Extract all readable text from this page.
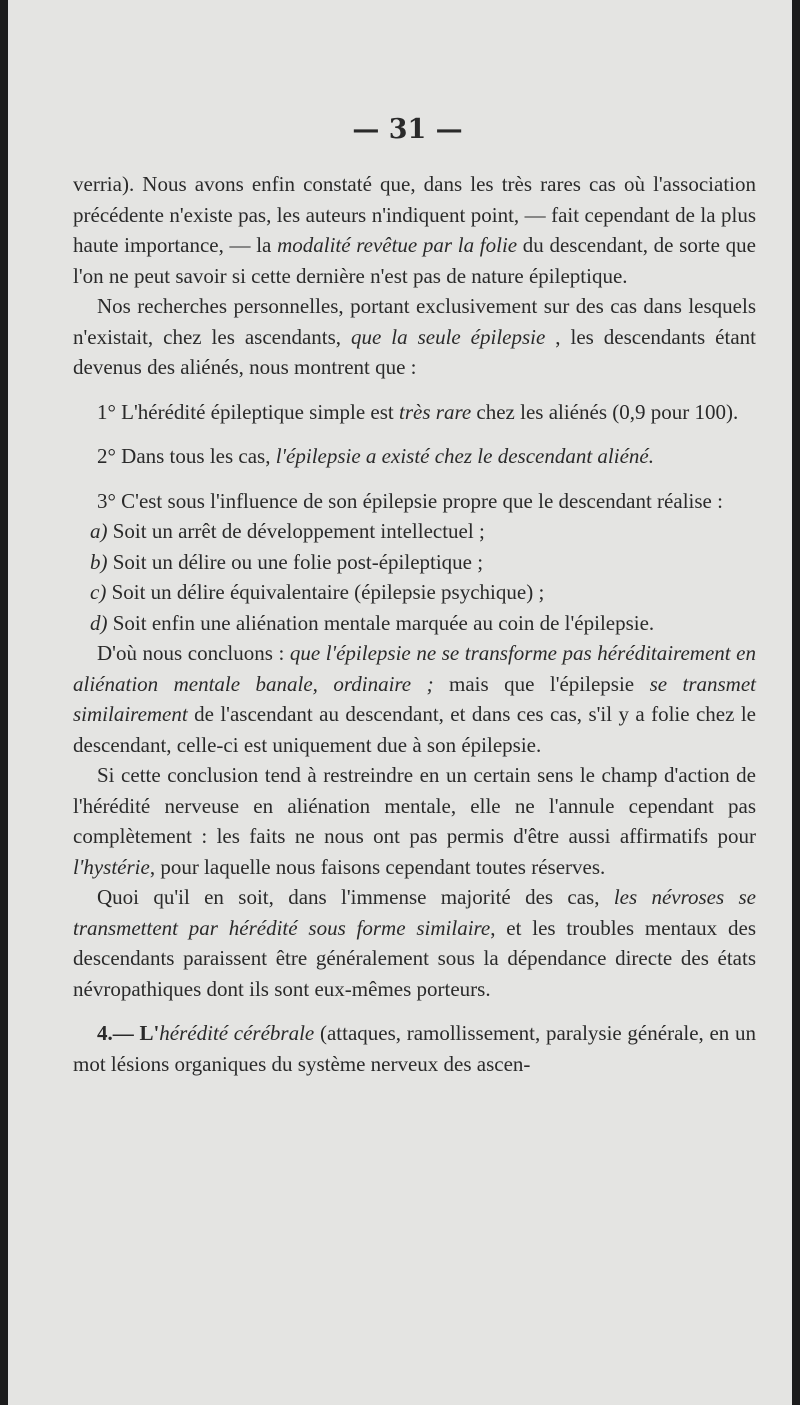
— 31 —

verria). Nous avons enfin constaté que, dans les très rares cas où l'association précédente n'existe pas, les auteurs n'indiquent point, — fait cependant de la plus haute importance, — la modalité revêtue par la folie du descendant, de sorte que l'on ne peut savoir si cette dernière n'est pas de nature épileptique.

Nos recherches personnelles, portant exclusivement sur des cas dans lesquels n'existait, chez les ascendants, que la seule épilepsie , les descendants étant devenus des aliénés, nous montrent que :

1° L'hérédité épileptique simple est très rare chez les aliénés (0,9 pour 100).

2° Dans tous les cas, l'épilepsie a existé chez le descendant aliéné.

3° C'est sous l'influence de son épilepsie propre que le descendant réalise :

a) Soit un arrêt de développement intellectuel ;

b) Soit un délire ou une folie post-épileptique ;

c) Soit un délire équivalentaire (épilepsie psychique) ;

d) Soit enfin une aliénation mentale marquée au coin de l'épilepsie.

D'où nous concluons : que l'épilepsie ne se transforme pas héréditairement en aliénation mentale banale, ordinaire ; mais que l'épilepsie se transmet similairement de l'ascendant au descendant, et dans ces cas, s'il y a folie chez le descendant, celle-ci est uniquement due à son épilepsie.

Si cette conclusion tend à restreindre en un certain sens le champ d'action de l'hérédité nerveuse en aliénation mentale, elle ne l'annule cependant pas complètement : les faits ne nous ont pas permis d'être aussi affirmatifs pour l'hystérie, pour laquelle nous faisons cependant toutes réserves.

Quoi qu'il en soit, dans l'immense majorité des cas, les névroses se transmettent par hérédité sous forme similaire, et les troubles mentaux des descendants paraissent être généralement sous la dépendance directe des états névropathiques dont ils sont eux-mêmes porteurs.

4.— L'hérédité cérébrale (attaques, ramollissement, paralysie générale, en un mot lésions organiques du système nerveux des ascen-
